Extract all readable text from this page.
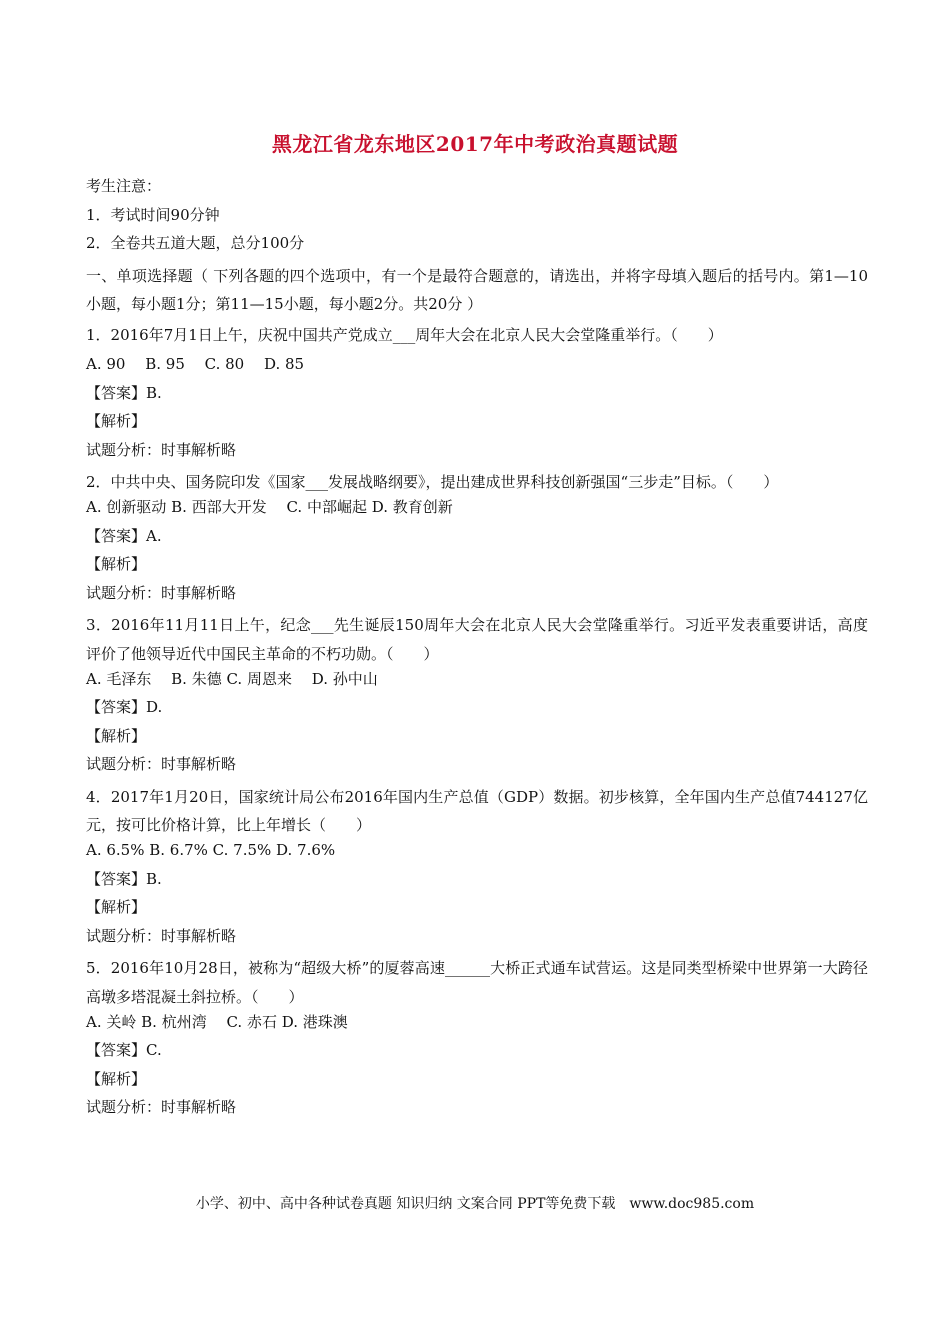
黑龙江省龙东地区2017年中考政治真题试题
考生注意：
1．考试时间90分钟
2．全卷共五道大题，总分100分
一、单项选择题（ 下列各题的四个选项中，有一个是最符合题意的，请选出，并将字母填入题后的括号内。第1—10小题，每小题1分；第11—15小题，每小题2分。共20分 ）
1．2016年7月1日上午，庆祝中国共产党成立___周年大会在北京人民大会堂隆重举行。（　　）
A. 90　 B. 95　 C. 80　 D. 85
【答案】B.
【解析】
试题分析：时事解析略
2．中共中央、国务院印发《国家___发展战略纲要》，提出建成世界科技创新强国“三步走”目标。（　　）
A. 创新驱动 B. 西部大开发　 C. 中部崛起 D. 教育创新
【答案】A.
【解析】
试题分析：时事解析略
3．2016年11月11日上午，纪念___先生诞辰150周年大会在北京人民大会堂隆重举行。习近平发表重要讲话，高度评价了他领导近代中国民主革命的不朽功勋。（　　）
A. 毛泽东　 B. 朱德 C. 周恩来　 D. 孙中山
【答案】D.
【解析】
试题分析：时事解析略
4．2017年1月20日，国家统计局公布2016年国内生产总值（GDP）数据。初步核算，全年国内生产总值744127亿元，按可比价格计算，比上年增长（　　）
A. 6.5% B. 6.7% C. 7.5% D. 7.6%
【答案】B.
【解析】
试题分析：时事解析略
5．2016年10月28日，被称为“超级大桥”的厦蓉高速______大桥正式通车试营运。这是同类型桥梁中世界第一大跨径高墩多塔混凝土斜拉桥。（　　）
A. 关岭 B. 杭州湾　 C. 赤石 D. 港珠澳
【答案】C.
【解析】
试题分析：时事解析略
小学、初中、高中各种试卷真题 知识归纳 文案合同 PPT等免费下载　www.doc985.com
